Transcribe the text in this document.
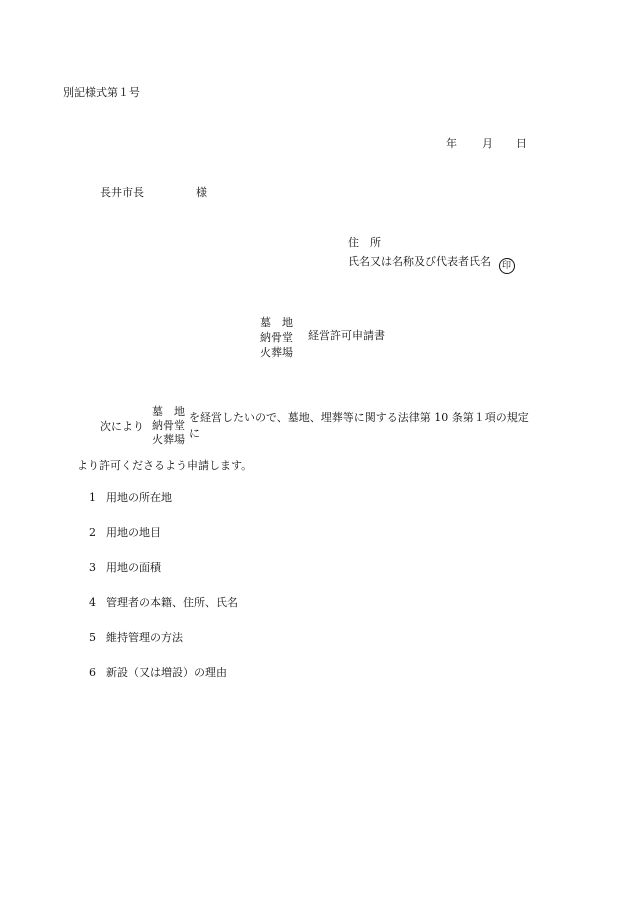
別記様式第１号
年 月 日
長井市長	様
住　所
氏名又は名称及び代表者氏名 印
墓　地
納骨堂
火葬場
経営許可申請書
次により
墓　地
納骨堂
火葬場
を経営したいので、墓地、埋葬等に関する法律第 10 条第１項の規定
に
より許可くださるよう申請します。
1 用地の所在地
2 用地の地目
3 用地の面積
4 管理者の本籍、住所、氏名
5 維持管理の方法
6 新設（又は増設）の理由
